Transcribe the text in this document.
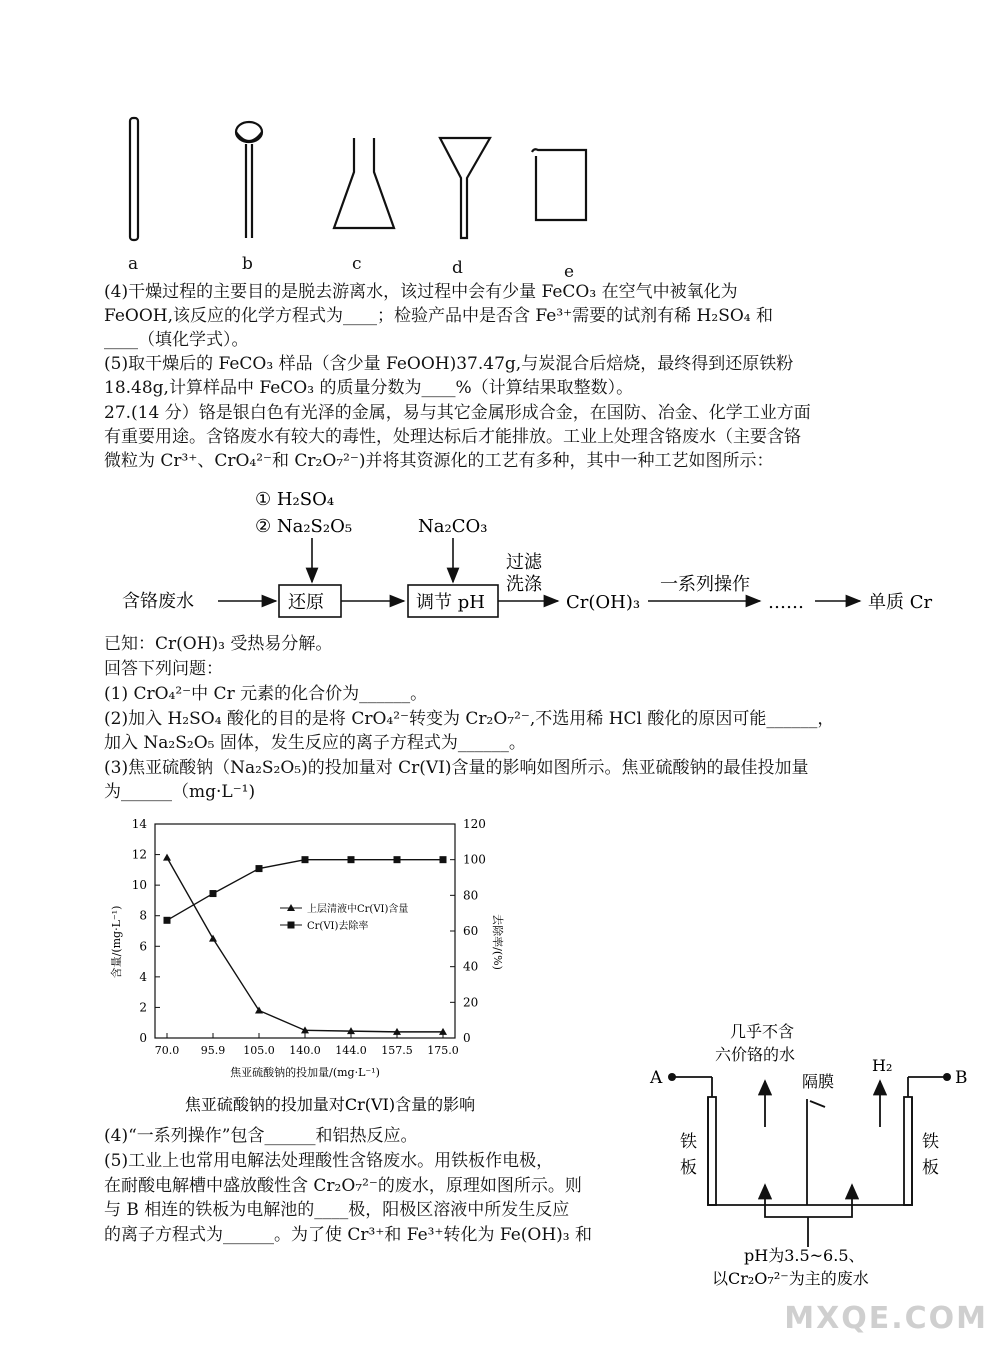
a	b	c	d	e
(4)干燥过程的主要目的是脱去游离水，该过程中会有少量 FeCO₃ 在空气中被氧化为
FeOOH,该反应的化学方程式为____；检验产品中是否含 Fe³⁺需要的试剂有稀 H₂SO₄ 和
____（填化学式）。
(5)取干燥后的 FeCO₃ 样品（含少量 FeOOH)37.47g,与炭混合后焙烧，最终得到还原铁粉
18.48g,计算样品中 FeCO₃ 的质量分数为____%（计算结果取整数）。
27.(14 分）铬是银白色有光泽的金属，易与其它金属形成合金，在国防、冶金、化学工业方面
有重要用途。含铬废水有较大的毒性，处理达标后才能排放。工业上处理含铬废水（主要含铬
微粒为 Cr³⁺、CrO₄²⁻和 Cr₂O₇²⁻)并将其资源化的工艺有多种，其中一种工艺如图所示：
① H₂SO₄
② Na₂S₂O₅	Na₂CO₃
含铬废水	还原	调节 pH
过滤
洗涤
Cr(OH)₃
一系列操作
……	单质 Cr
已知：Cr(OH)₃ 受热易分解。
回答下列问题：
(1) CrO₄²⁻中 Cr 元素的化合价为______。
(2)加入 H₂SO₄ 酸化的目的是将 CrO₄²⁻转变为 Cr₂O₇²⁻,不选用稀 HCl 酸化的原因可能______，
加入 Na₂S₂O₅ 固体，发生反应的离子方程式为______。
(3)焦亚硫酸钠（Na₂S₂O₅)的投加量对 Cr(VI)含量的影响如图所示。焦亚硫酸钠的最佳投加量
为______（mg·L⁻¹)
0
2
4
6
8
10
12
14
0
20
40
60
80
100
120
70.0 95.9 105.0 140.0 144.0 157.5 175.0
上层清液中Cr(VI)含量
Cr(VI)去除率
焦亚硫酸钠的投加量对Cr(VI)含量的影响
焦亚硫酸钠的投加量/(mg·L⁻¹)
含量/(mg·L⁻¹)	去除率/(%)
(4)“一系列操作”包含______和铝热反应。
(5)工业上也常用电解法处理酸性含铬废水。用铁板作电极，
在耐酸电解槽中盛放酸性含 Cr₂O₇²⁻的废水，原理如图所示。则
与 B 相连的铁板为电解池的____极，阳极区溶液中所发生反应
的离子方程式为______。为了使 Cr³⁺和 Fe³⁺转化为 Fe(OH)₃ 和
几乎不含
六价铬的水
隔膜
H₂
A	B
铁
板
铁
板
pH为3.5~6.5、
以Cr₂O₇²⁻为主的废水
MXQE.COM
